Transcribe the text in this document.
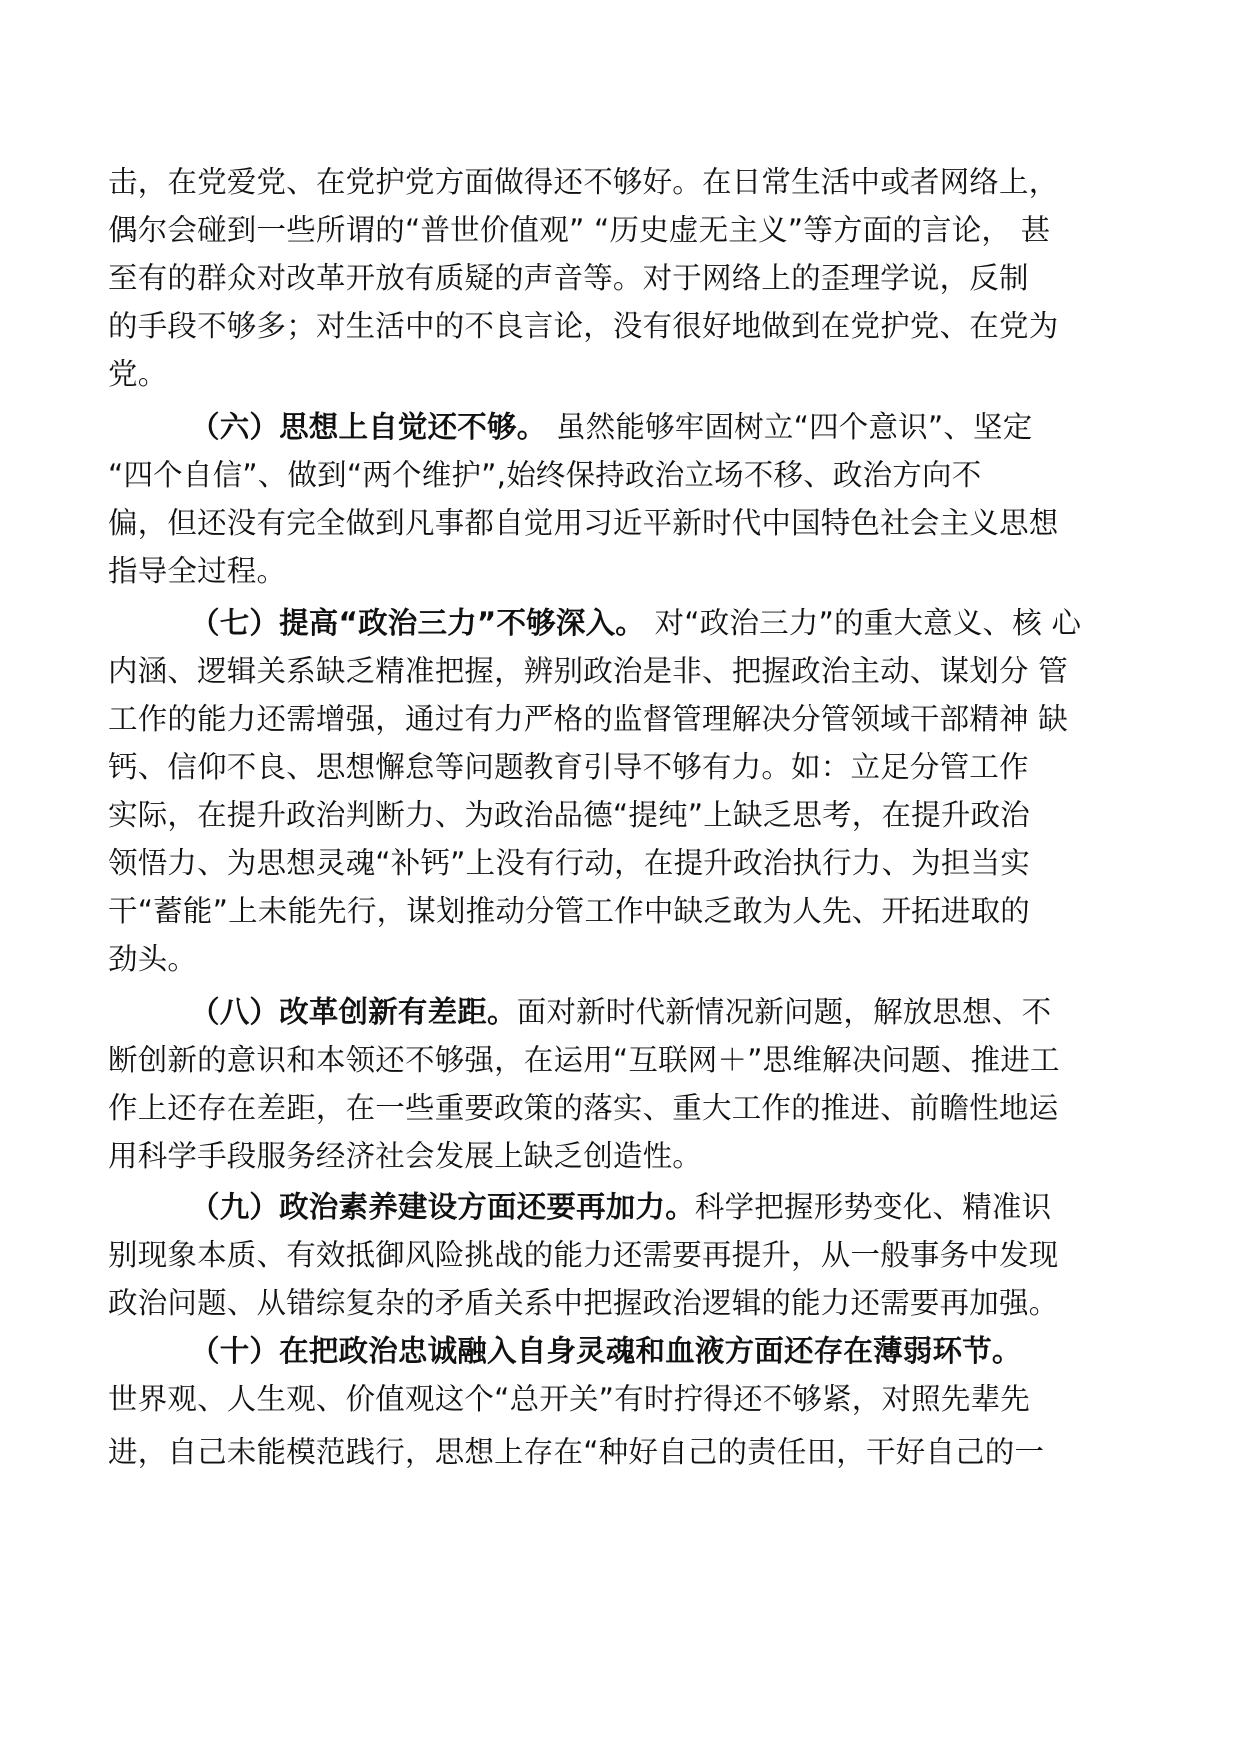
击，在党爱党、在党护党方面做得还不够好。在日常生活中或者网络上，
偶尔会碰到一些所谓的“普世价值观” “历史虚无主义”等方面的言论， 甚
至有的群众对改革开放有质疑的声音等。对于网络上的歪理学说，反制
的手段不够多；对生活中的不良言论，没有很好地做到在党护党、在党为
党。
（六）思想上自觉还不够。 虽然能够牢固树立“四个意识”、坚定
“四个自信”、做到“两个维护”,始终保持政治立场不移、政治方向不
偏，但还没有完全做到凡事都自觉用习近平新时代中国特色社会主义思想
指导全过程。
（七）提高“政治三力”不够深入。 对“政治三力”的重大意义、核 心
内涵、逻辑关系缺乏精准把握，辨别政治是非、把握政治主动、谋划分 管
工作的能力还需增强，通过有力严格的监督管理解决分管领域干部精神 缺
钙、信仰不良、思想懈怠等问题教育引导不够有力。如：立足分管工作
实际，在提升政治判断力、为政治品德“提纯”上缺乏思考，在提升政治
领悟力、为思想灵魂“补钙”上没有行动，在提升政治执行力、为担当实
干“蓄能”上未能先行，谋划推动分管工作中缺乏敢为人先、开拓进取的
劲头。
（八）改革创新有差距。面对新时代新情况新问题，解放思想、不
断创新的意识和本领还不够强，在运用“互联网＋”思维解决问题、推进工
作上还存在差距，在一些重要政策的落实、重大工作的推进、前瞻性地运
用科学手段服务经济社会发展上缺乏创造性。
（九）政治素养建设方面还要再加力。科学把握形势变化、精准识
别现象本质、有效抵御风险挑战的能力还需要再提升，从一般事务中发现
政治问题、从错综复杂的矛盾关系中把握政治逻辑的能力还需要再加强。
（十）在把政治忠诚融入自身灵魂和血液方面还存在薄弱环节。
世界观、人生观、价值观这个“总开关”有时拧得还不够紧，对照先辈先
进，自己未能模范践行，思想上存在“种好自己的责任田，干好自己的一
